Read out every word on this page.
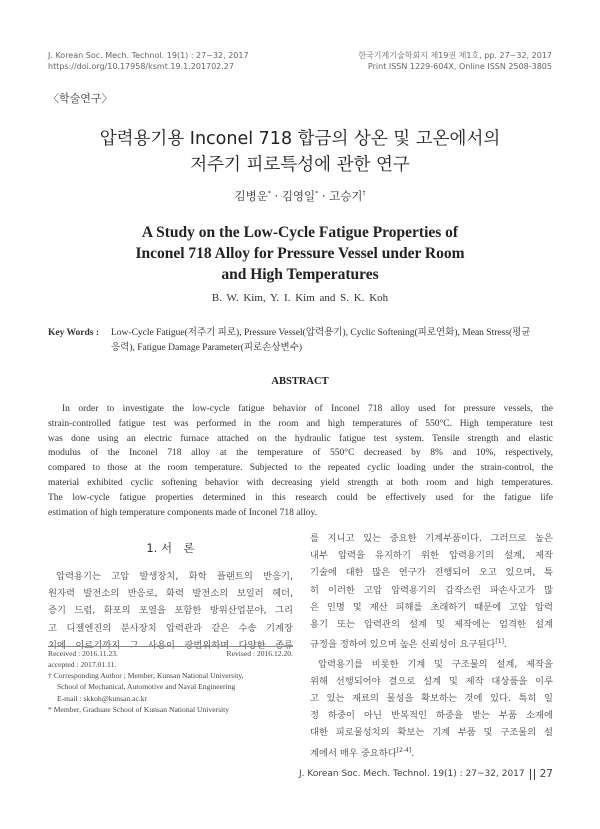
J. Korean Soc. Mech. Technol. 19(1) : 27~32, 2017
https://doi.org/10.17958/ksmt.19.1.201702.27
한국기계기술학회지 제19권 제1호, pp. 27~32, 2017
Print ISSN 1229-604X, Online ISSN 2508-3805
〈학술연구〉
압력용기용 Inconel 718 합금의 상온 및 고온에서의
저주기 피로특성에 관한 연구
김병운* · 김영일* · 고승기†
A Study on the Low-Cycle Fatigue Properties of
Inconel 718 Alloy for Pressure Vessel under Room
and High Temperatures
B. W. Kim, Y. I. Kim and S. K. Koh
Key Words : Low-Cycle Fatigue(저주기 피로), Pressure Vessel(압력용기), Cyclic Softening(피로연화), Mean Stress(평균
응력), Fatigue Damage Parameter(피로손상변수)
ABSTRACT
In order to investigate the low-cycle fatigue behavior of Inconel 718 alloy used for pressure vessels, the
strain-controlled fatigue test was performed in the room and high temperatures of 550°C. High temperature test
was done using an electric furnace attached on the hydraulic fatigue test system. Tensile strength and elastic
modulus of the Inconel 718 alloy at the temperature of 550°C decreased by 8% and 10%, respectively,
compared to those at the room temperature. Subjected to the repeated cyclic loading under the strain-control, the
material exhibited cyclic softening behavior with decreasing yield strength at both room and high temperatures.
The low-cycle fatigue properties determined in this research could be effectively used for the fatigue life
estimation of high temperature components made of Inconel 718 alloy.
1. 서　론
압력용기는 고압 발생장치, 화학 플랜트의 반응기,
원자력 발전소의 반응로, 화력 발전소의 보일러 헤더,
증기 드럼, 화포의 포열을 포함한 방위산업분야, 그리
고 디젤엔진의 분사장치 압력관과 같은 수송 기계장
치에 이르기까지 그 사용이 광범위하며 다양한 종류
Received : 2016.11.23.	Revised : 2016.12.20.
accepted : 2017.01.11.
† Corresponding Author ; Member, Kunsan National University,
School of Mechanical, Automotive and Naval Engineering
E-mail : skkoh@kunsan.ac.kr
* Member, Graduate School of Kunsan National University
를 지니고 있는 중요한 기계부품이다. 그러므로 높은
내부 압력을 유지하기 위한 압력용기의 설계, 제작
기술에 대한 많은 연구가 진행되어 오고 있으며, 특
히 이러한 고압 압력용기의 갑작스런 파손사고가 많
은 인명 및 재산 피해를 초래하기 때문에 고압 압력
용기 또는 압력관의 설계 및 제작에는 엄격한 설계
규정을 정하여 있으며 높은 신뢰성이 요구된다[1].
압력용기를 비롯한 기계 및 구조물의 설계, 제작을
위해 선행되어야 결으로 설계 및 제작 대상품을 이루
고 있는 재료의 물성을 확보하는 것에 있다. 특히 일
정 하중이 아닌 반복적인 하중을 받는 부품 소재에
대한 피로물성치의 확보는 기계 부품 및 구조물의 설
계에서 매우 중요하다[2-4].
J. Korean Soc. Mech. Technol. 19(1) : 27~32, 2017 27
